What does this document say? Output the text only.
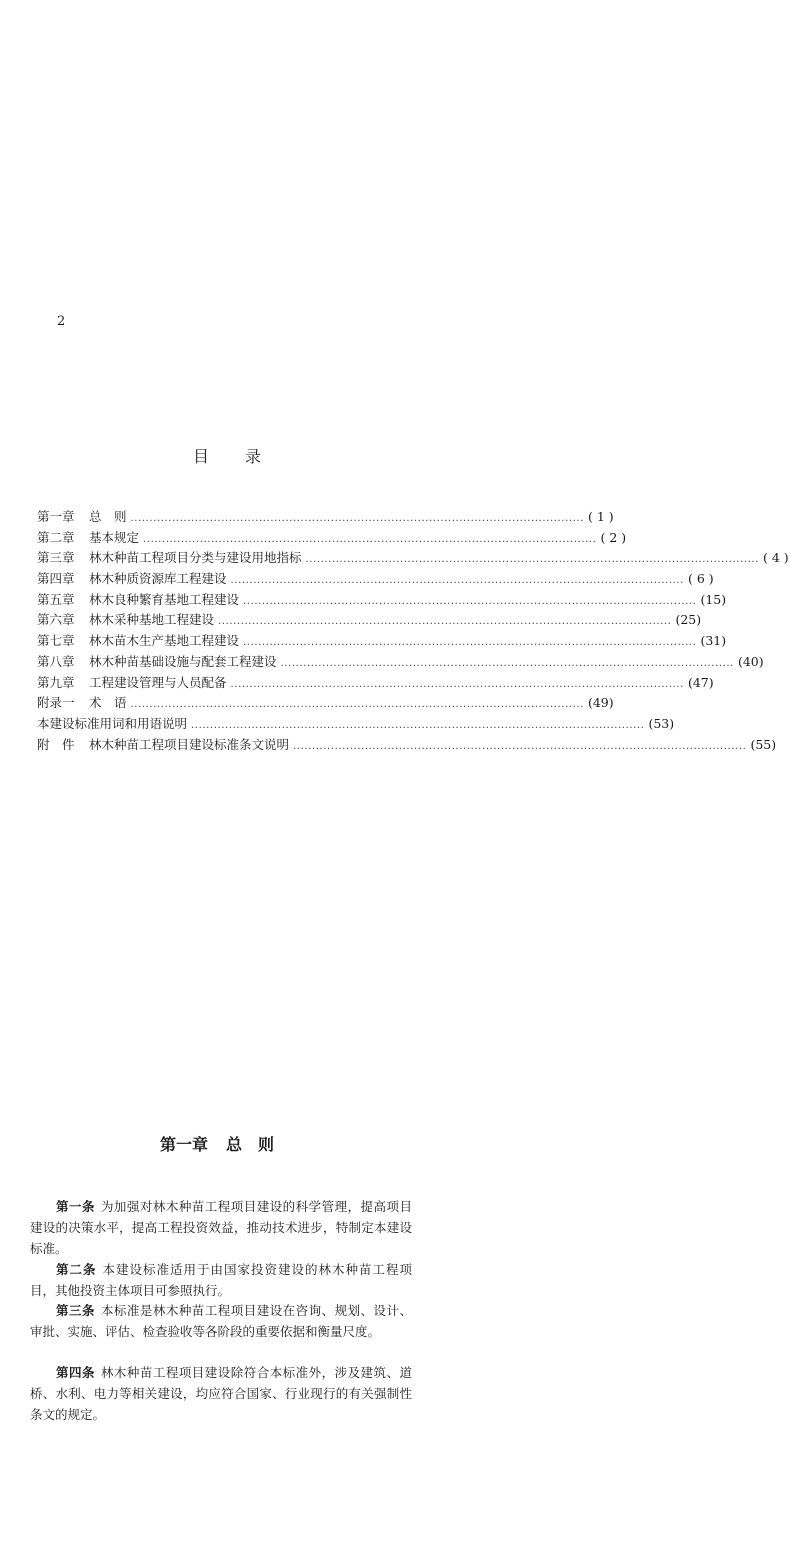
2
目 录
第一章	总　则 ........................................................................................................................ ( 1 )
第二章	基本规定 ........................................................................................................................ ( 2 )
第三章	林木种苗工程项目分类与建设用地指标 ........................................................................................................................ ( 4 )
第四章	林木种质资源库工程建设 ........................................................................................................................ ( 6 )
第五章	林木良种繁育基地工程建设 ........................................................................................................................ (15)
第六章	林木采种基地工程建设 ........................................................................................................................ (25)
第七章	林木苗木生产基地工程建设 ........................................................................................................................ (31)
第八章	林木种苗基础设施与配套工程建设 ........................................................................................................................ (40)
第九章	工程建设管理与人员配备 ........................................................................................................................ (47)
附录一	术　语 ........................................................................................................................ (49)
本建设标准用词和用语说明 ........................................................................................................................ (53)
附　件	林木种苗工程项目建设标准条文说明 ........................................................................................................................ (55)
第一章 总　则

第一条 为加强对林木种苗工程项目建设的科学管理，提高项目建设的决策水平，提高工程投资效益，推动技术进步，特制定本建设标准。

第二条 本建设标准适用于由国家投资建设的林木种苗工程项目，其他投资主体项目可参照执行。

第三条 本标准是林木种苗工程项目建设在咨询、规划、设计、审批、实施、评估、检查验收等各阶段的重要依据和衡量尺度。

第四条 林木种苗工程项目建设除符合本标准外，涉及建筑、道桥、水利、电力等相关建设，均应符合国家、行业现行的有关强制性条文的规定。
